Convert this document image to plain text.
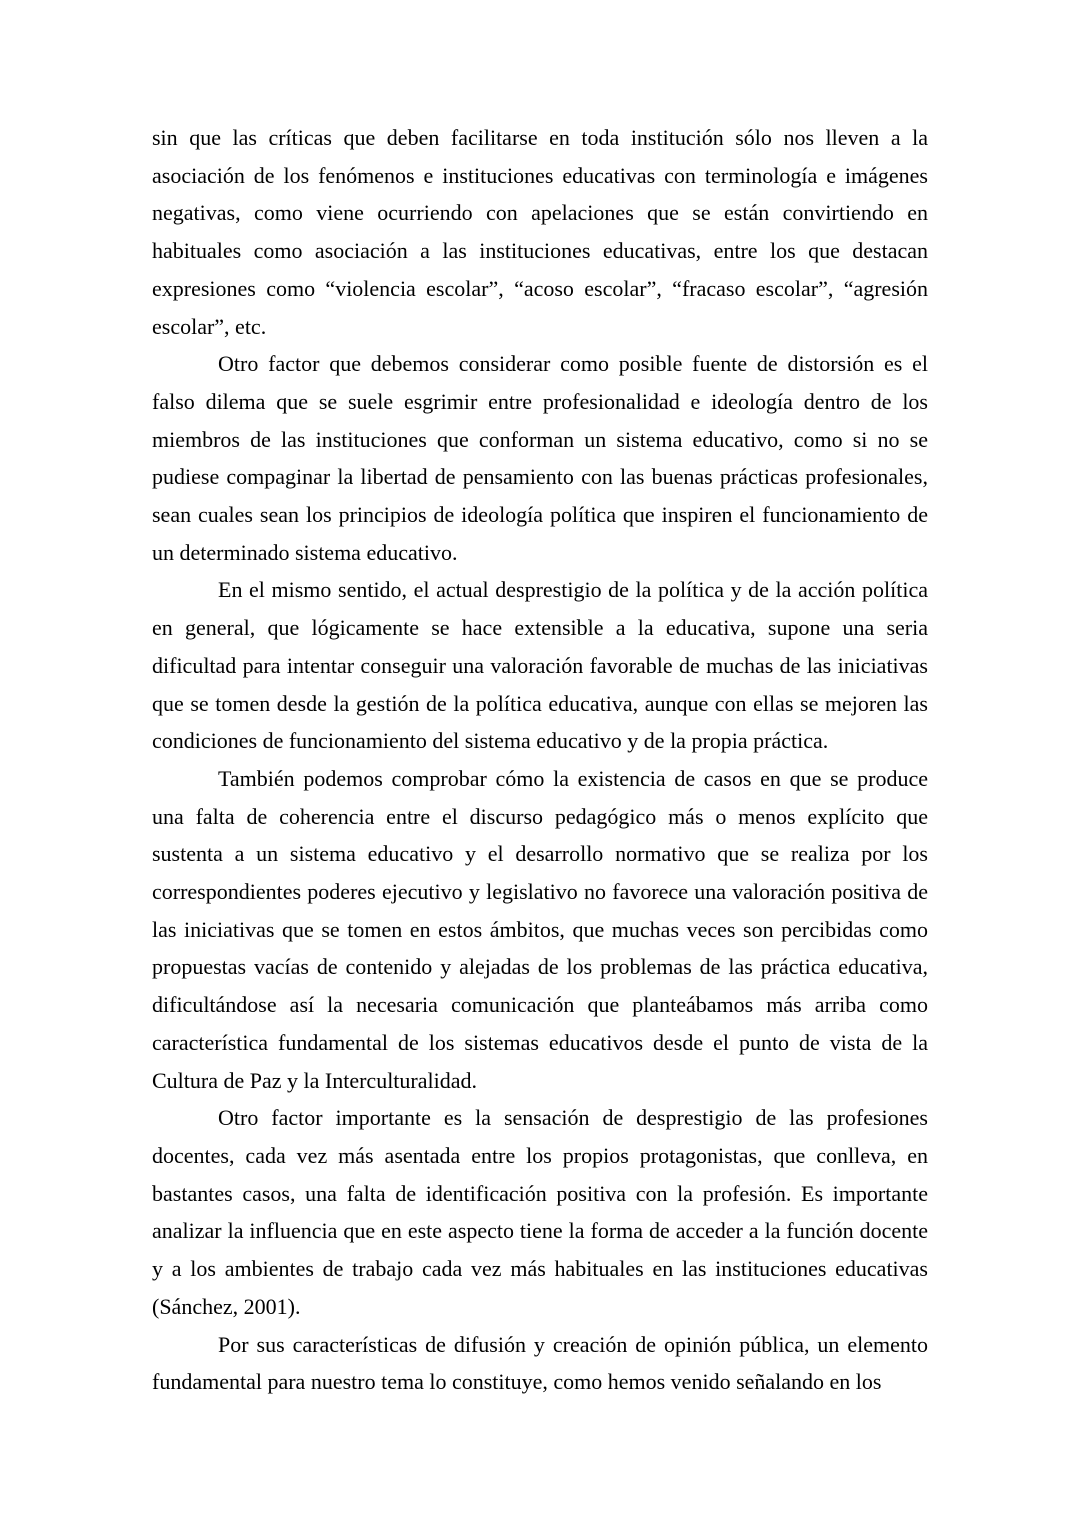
sin que las críticas que deben facilitarse en toda institución sólo nos lleven a la asociación de los fenómenos e instituciones educativas con terminología e imágenes negativas, como viene ocurriendo con apelaciones que se están convirtiendo en habituales como asociación a las instituciones educativas, entre los que destacan expresiones como “violencia escolar”, “acoso escolar”, “fracaso escolar”, “agresión escolar”, etc.

Otro factor que debemos considerar como posible fuente de distorsión es el falso dilema que se suele esgrimir entre profesionalidad e ideología dentro de los miembros de las instituciones que conforman un sistema educativo, como si no se pudiese compaginar la libertad de pensamiento con las buenas prácticas profesionales, sean cuales sean los principios de ideología política que inspiren el funcionamiento de un determinado sistema educativo.

En el mismo sentido, el actual desprestigio de la política y de la acción política en general, que lógicamente se hace extensible a la educativa, supone una seria dificultad para intentar conseguir una valoración favorable de muchas de las iniciativas que se tomen desde la gestión de la política educativa, aunque con ellas se mejoren las condiciones de funcionamiento del sistema educativo y de la propia práctica.

También podemos comprobar cómo la existencia de casos en que se produce una falta de coherencia entre el discurso pedagógico más o menos explícito que sustenta a un sistema educativo y el desarrollo normativo que se realiza por los correspondientes poderes ejecutivo y legislativo no favorece una valoración positiva de las iniciativas que se tomen en estos ámbitos, que muchas veces son percibidas como propuestas vacías de contenido y alejadas de los problemas de las práctica educativa, dificultándose así la necesaria comunicación que planteábamos más arriba como característica fundamental de los sistemas educativos desde el punto de vista de la Cultura de Paz y la Interculturalidad.

Otro factor importante es la sensación de desprestigio de las profesiones docentes, cada vez más asentada entre los propios protagonistas, que conlleva, en bastantes casos, una falta de identificación positiva con la profesión. Es importante analizar la influencia que en este aspecto tiene la forma de acceder a la función docente y a los ambientes de trabajo cada vez más habituales en las instituciones educativas (Sánchez, 2001).

Por sus características de difusión y creación de opinión pública, un elemento fundamental para nuestro tema lo constituye, como hemos venido señalando en los
